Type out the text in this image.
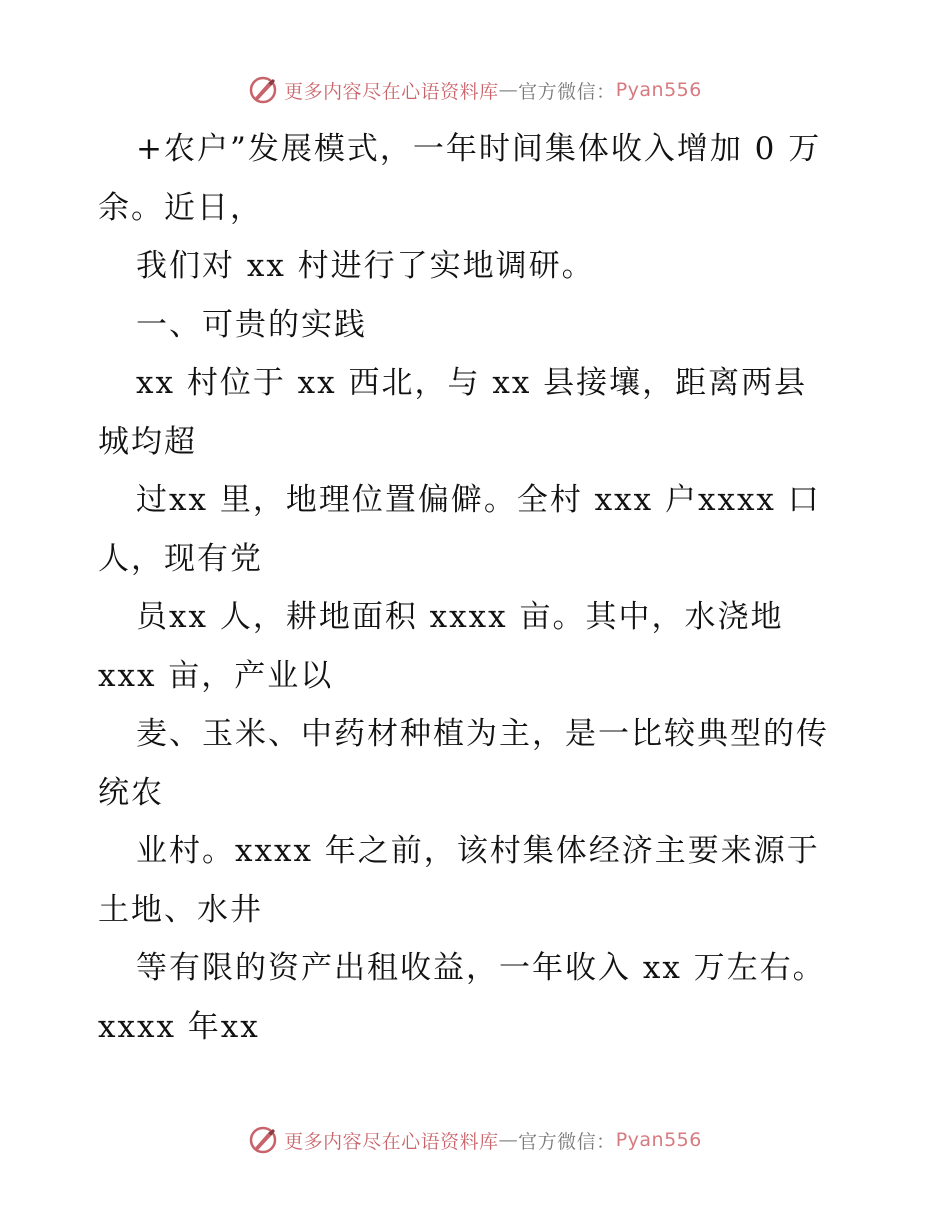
更多内容尽在心语资料库 — 官方微信： Pyan556

+农户”发展模式，一年时间集体收入增加 0 万

余。近日，

我们对 xx 村进行了实地调研。

一、可贵的实践

xx 村位于 xx 西北，与 xx 县接壤，距离两县

城均超

过xx 里，地理位置偏僻。全村 xxx 户xxxx 口

人，现有党

员xx 人，耕地面积 xxxx 亩。其中，水浇地

xxx 亩，产业以

麦、玉米、中药材种植为主，是一比较典型的传

统农

业村。xxxx 年之前，该村集体经济主要来源于

土地、水井

等有限的资产出租收益，一年收入 xx 万左右。

xxxx 年xx

更多内容尽在心语资料库 — 官方微信： Pyan556
